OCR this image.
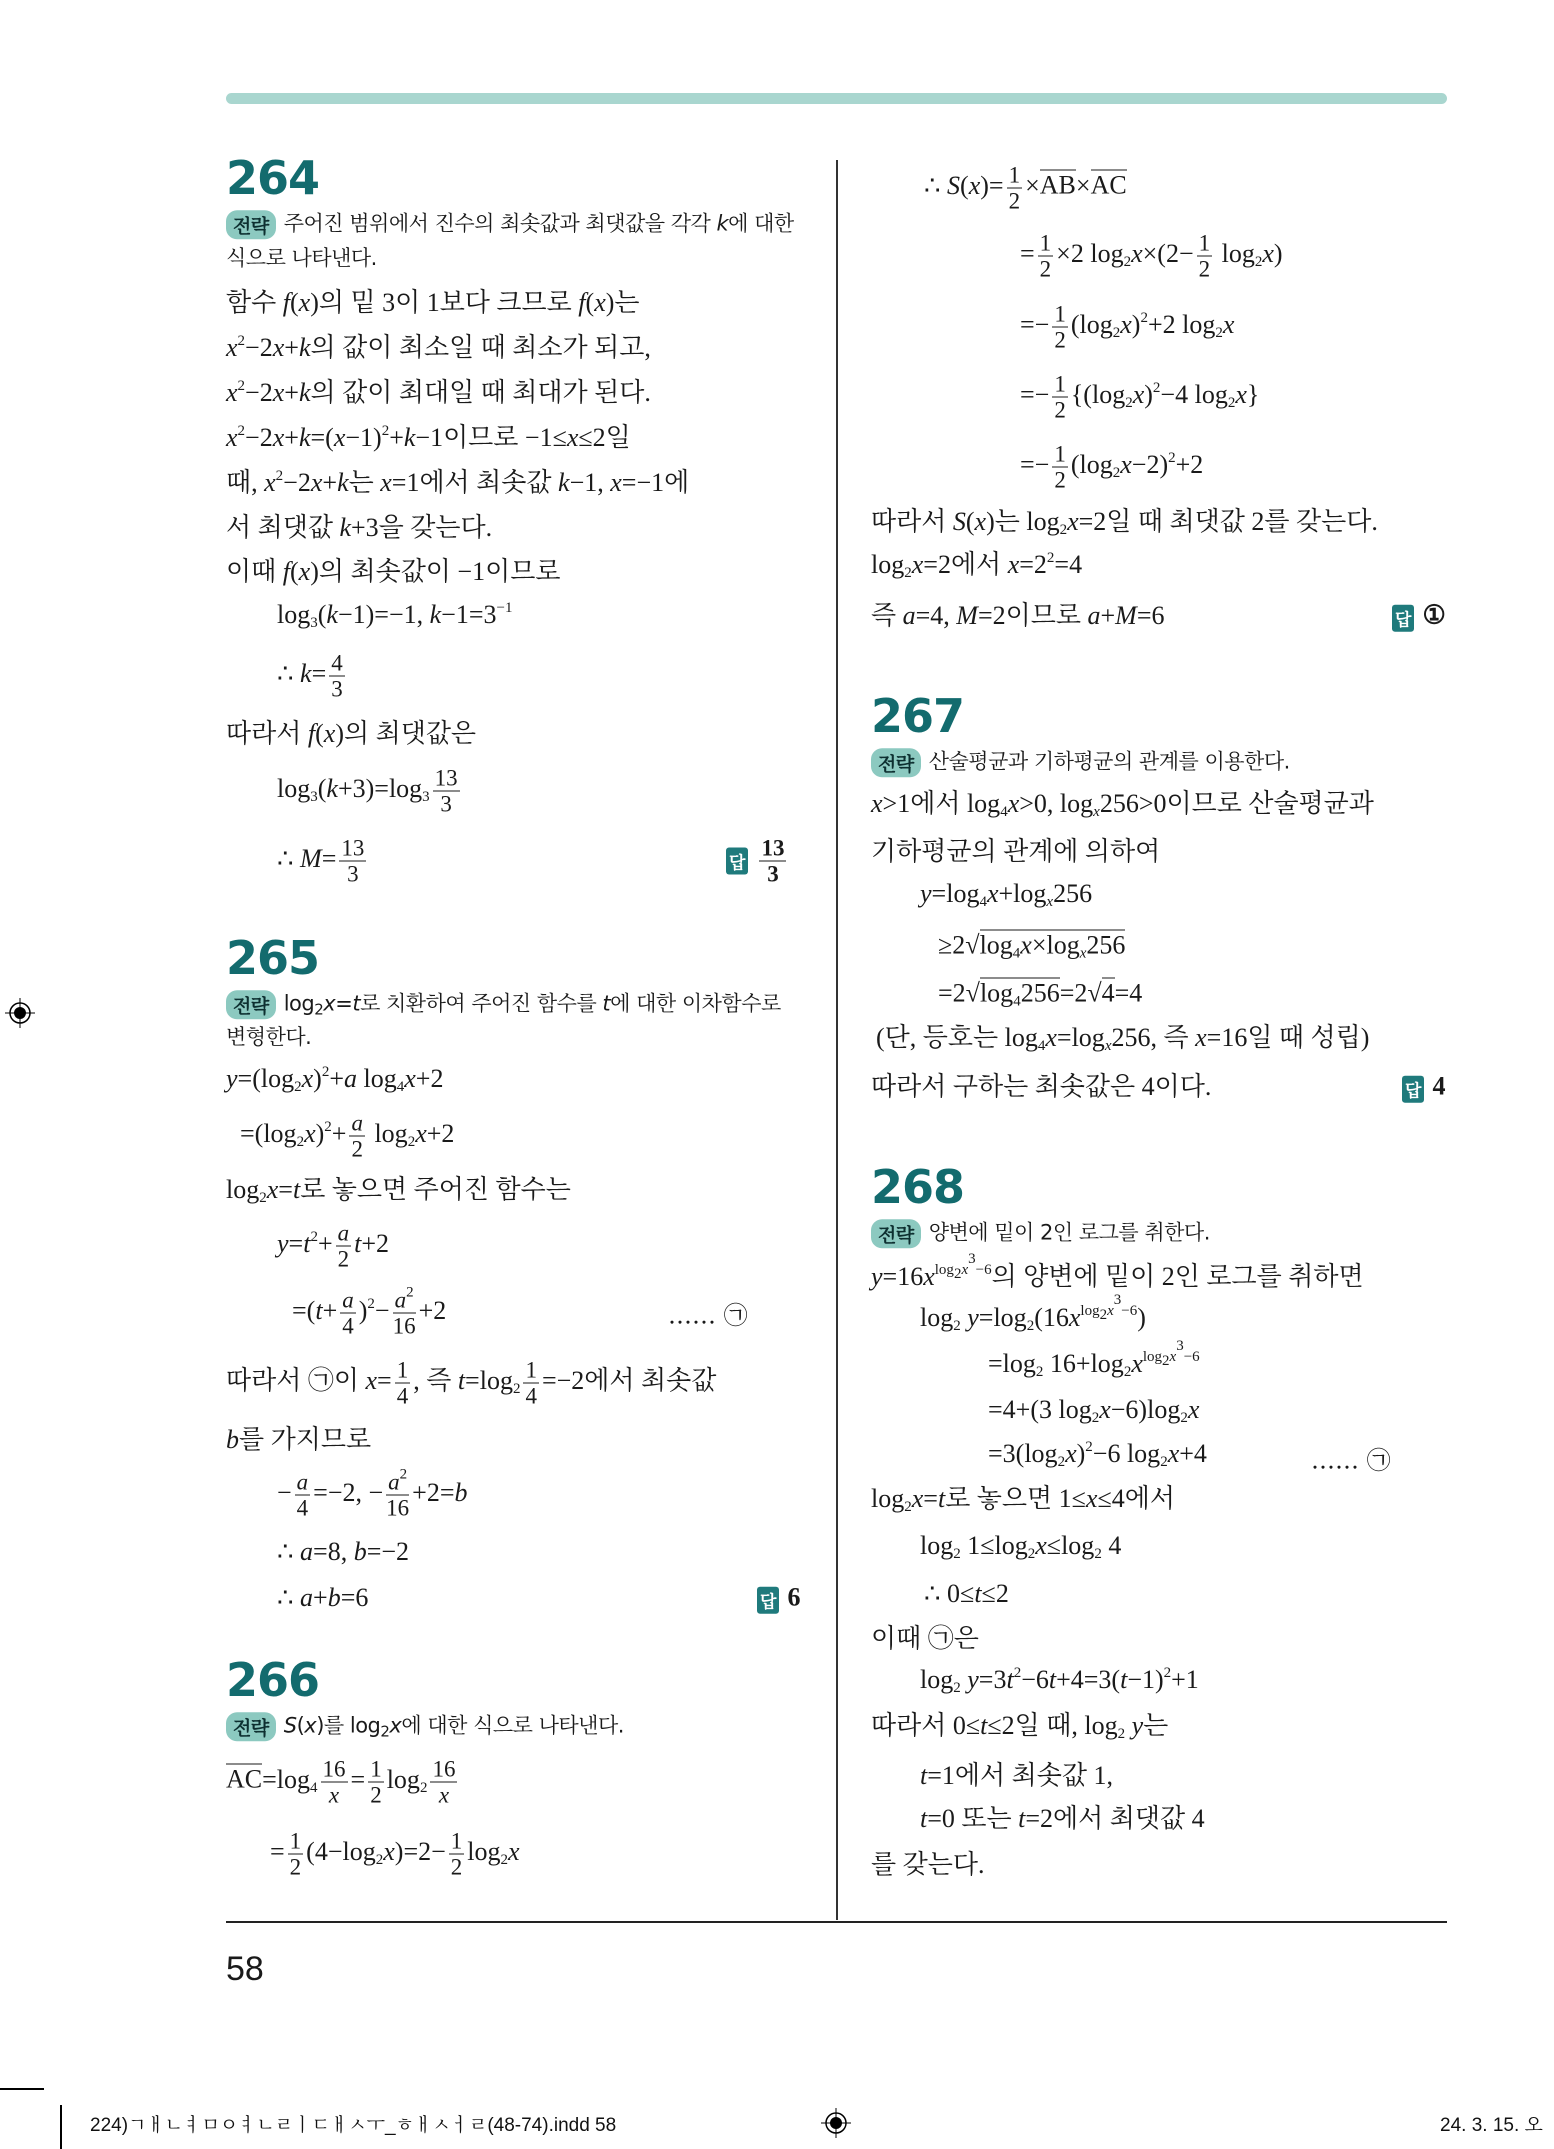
264
전략 주어진 범위에서 진수의 최솟값과 최댓값을 각각 k에 대한
식으로 나타낸다.
함수 f(x)의 밑 3이 1보다 크므로 f(x)는
$x^2-2x+k$의 값이 최소일 때 최소가 되고,
$x^2-2x+k$의 값이 최대일 때 최대가 된다.
$x^2-2x+k=(x-1)^2+k-1$이므로 −1≤x≤2일
때, $x^2-2x+k$는 x=1에서 최솟값 k−1, x=−1에
서 최댓값 k+3을 갖는다.
이때 f(x)의 최솟값이 −1이므로
$\log_3(k-1)=-1$, $k-1=3^{-1}$
∴ $k= \frac{4}{3}$
따라서 f(x)의 최댓값은
$\log_3(k+3)=\log_3 \frac{13}{3}$
∴ $M= \frac{13}{3}$	답 $\frac{13}{3}$
265
전략 $\log_2x=t$로 치환하여 주어진 함수를 t에 대한 이차함수로
변형한다.
$y=(\log_2x)^2+a$ $\log_4x+2$
$=(\log_2x)^2+ \frac{a}{2} \log_2x+2$
$\log_2x=t$로 놓으면 주어진 함수는
$y=t^2+ \frac{a}{2} t+2$
$=(t+ \frac{a}{4} )^2- \frac{a^2}{16} +2$	…… ㉠
따라서 ㉠이 $x= \frac{1}{4}$ , 즉 $t=\log_2 \frac{1}{4} =-2$에서 최솟값
b를 가지므로
− $\frac{a}{4} =-2$, − $\frac{a^2}{16} +2=b$
∴ a=8, b=−2
∴ a+b=6	답 6
266
전략 S(x)를 $\log_2x$에 대한 식으로 나타낸다.
$AC=\log_4 \frac{16}{x} = \frac{1}{2} \log_2 \frac{16}{x}$
= $\frac{1}{2} (4-\log_2x)=2- \frac{1}{2} \log_2x$
∴ $S(x)= \frac{1}{2} \times AB\times AC$
= $\frac{1}{2} \times 2$ $\log_2x\times(2- \frac{1}{2} \log_2x)$
=− $\frac{1}{2} (\log_2x)^2+2$ $\log_2x$
=− $\frac{1}{2} \{(\log_2x)^2-4$ $\log_2x$}
=− $\frac{1}{2} (\log_2x-2)^2+2$
따라서 S(x)는 $\log_2x=2$일 때 최댓값 2를 갖는다.
$\log_2x=2$에서 $x=2^2=4$
즉 a=4, M=2이므로 a+M=6	답 ①
267
전략 산술평균과 기하평균의 관계를 이용한다.
x>1에서 $\log_4x>0$, $\log_x256>0$이므로 산술평균과
기하평균의 관계에 의하여
$y=\log_4x+\log_x256$
$\ge 2√\log_4x\times\log_x256$
$=2√\log_4256=2√4=4$
(단, 등호는 $\log_4x=\log_x256$, 즉 x=16일 때 성립)
따라서 구하는 최솟값은 4이다.	답 4
268
전략 양변에 밑이 2인 로그를 취한다.
$y=16x^{log_2x^3-6}$의 양변에 밑이 2인 로그를 취하면
$\log_2 y=\log_2(16x^{log_2x^3-6})$
$=\log_2$ $16+\log_2x^{log_2x^3-6}$
=4+(3 $\log_2x-6)\log_2x$
$=3(\log_2x)^2-6$ $\log_2x+4$	…… ㉠
$\log_2x=t$로 놓으면 1≤x≤4에서
$\log_2 1\le\log_2x\le\log_2$ 4
∴ 0≤t≤2
이때 ㉠은
$\log_2 y=3t^2-6t+4=3(t-1)^2+1$
따라서 0≤t≤2일 때, $\log_2 y$는
t=1에서 최솟값 1,
t=0 또는 t=2에서 최댓값 4
를 갖는다.
58
224)ㄱㅐㄴㅕㅁㅇㅕㄴㄹㅣㄷㅐㅅㅜ_ㅎㅐㅅㅓㄹ(48-74).indd 58	24. 3. 15. 오
